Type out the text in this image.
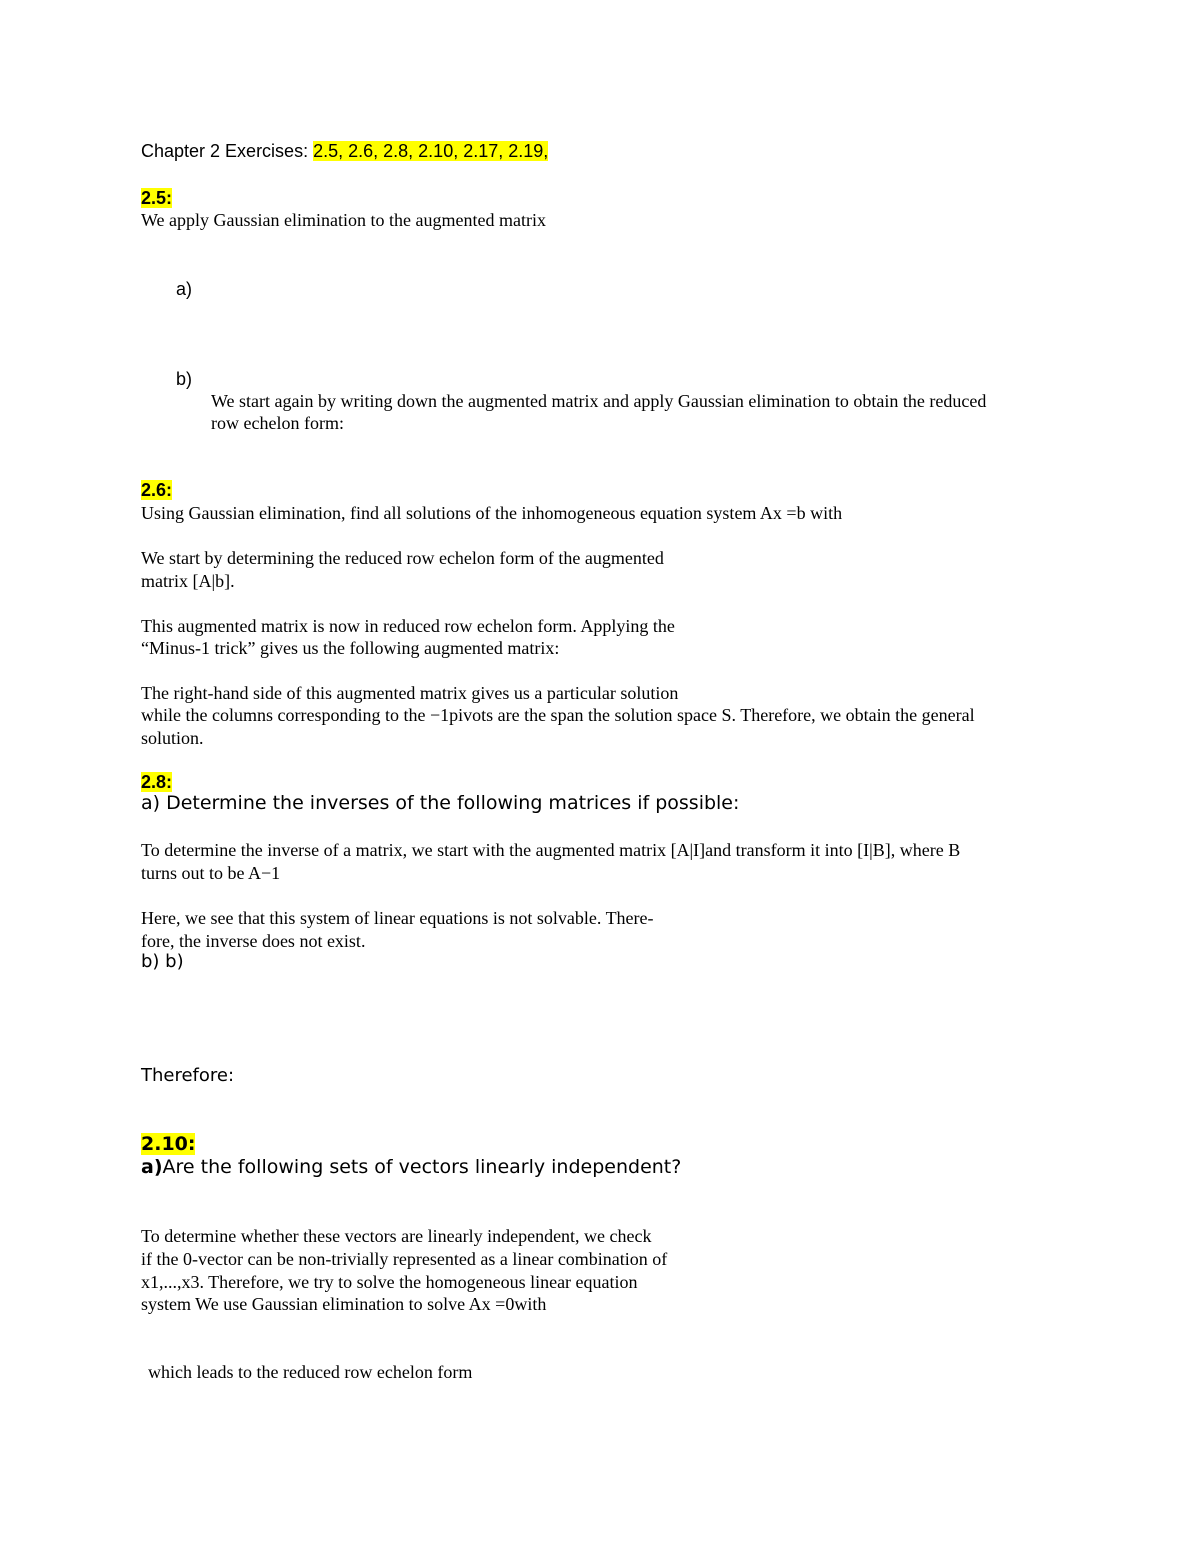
Chapter 2 Exercises: 2.5, 2.6, 2.8, 2.10, 2.17, 2.19,
2.5:
We apply Gaussian elimination to the augmented matrix
a)
b)
We start again by writing down the augmented matrix and apply Gaussian elimination to obtain the reduced
row echelon form:
2.6:
Using Gaussian elimination, find all solutions of the inhomogeneous equation system Ax =b with
We start by determining the reduced row echelon form of the augmented
matrix [A|b].
This augmented matrix is now in reduced row echelon form. Applying the
“Minus-1 trick” gives us the following augmented matrix:
The right-hand side of this augmented matrix gives us a particular solution
while the columns corresponding to the −1pivots are the span the solution space S. Therefore, we obtain the general
solution.
2.8:
a) Determine the inverses of the following matrices if possible:
To determine the inverse of a matrix, we start with the augmented matrix [A|I]and transform it into [I|B], where B
turns out to be A−1
Here, we see that this system of linear equations is not solvable. There-
fore, the inverse does not exist.
b) b)
Therefore:
2.10:
a)Are the following sets of vectors linearly independent?
To determine whether these vectors are linearly independent, we check
if the 0-vector can be non-trivially represented as a linear combination of
x1,...,x3. Therefore, we try to solve the homogeneous linear equation
system We use Gaussian elimination to solve Ax =0with
which leads to the reduced row echelon form
